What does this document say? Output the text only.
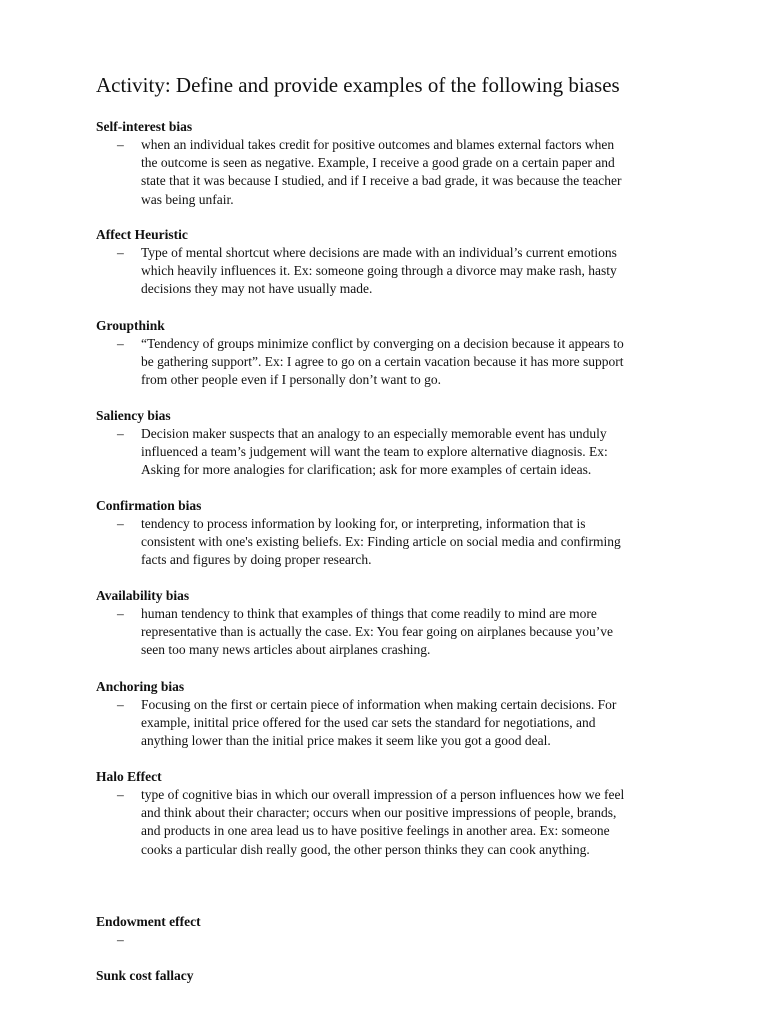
Activity: Define and provide examples of the following biases

Self-interest bias

– when an individual takes credit for positive outcomes and blames external factors when
the outcome is seen as negative. Example, I receive a good grade on a certain paper and
state that it was because I studied, and if I receive a bad grade, it was because the teacher
was being unfair.

Affect Heuristic

– Type of mental shortcut where decisions are made with an individual’s current emotions
which heavily influences it. Ex: someone going through a divorce may make rash, hasty
decisions they may not have usually made.

Groupthink

– “Tendency of groups minimize conflict by converging on a decision because it appears to
be gathering support”. Ex: I agree to go on a certain vacation because it has more support
from other people even if I personally don’t want to go.

Saliency bias

– Decision maker suspects that an analogy to an especially memorable event has unduly
influenced a team’s judgement will want the team to explore alternative diagnosis. Ex:
Asking for more analogies for clarification; ask for more examples of certain ideas.

Confirmation bias

– tendency to process information by looking for, or interpreting, information that is
consistent with one's existing beliefs. Ex: Finding article on social media and confirming
facts and figures by doing proper research.

Availability bias

– human tendency to think that examples of things that come readily to mind are more
representative than is actually the case. Ex: You fear going on airplanes because you’ve
seen too many news articles about airplanes crashing.

Anchoring bias

– Focusing on the first or certain piece of information when making certain decisions. For
example, initital price offered for the used car sets the standard for negotiations, and
anything lower than the initial price makes it seem like you got a good deal.

Halo Effect

– type of cognitive bias in which our overall impression of a person influences how we feel
and think about their character; occurs when our positive impressions of people, brands,
and products in one area lead us to have positive feelings in another area. Ex: someone
cooks a particular dish really good, the other person thinks they can cook anything.

Endowment effect

–

Sunk cost fallacy
